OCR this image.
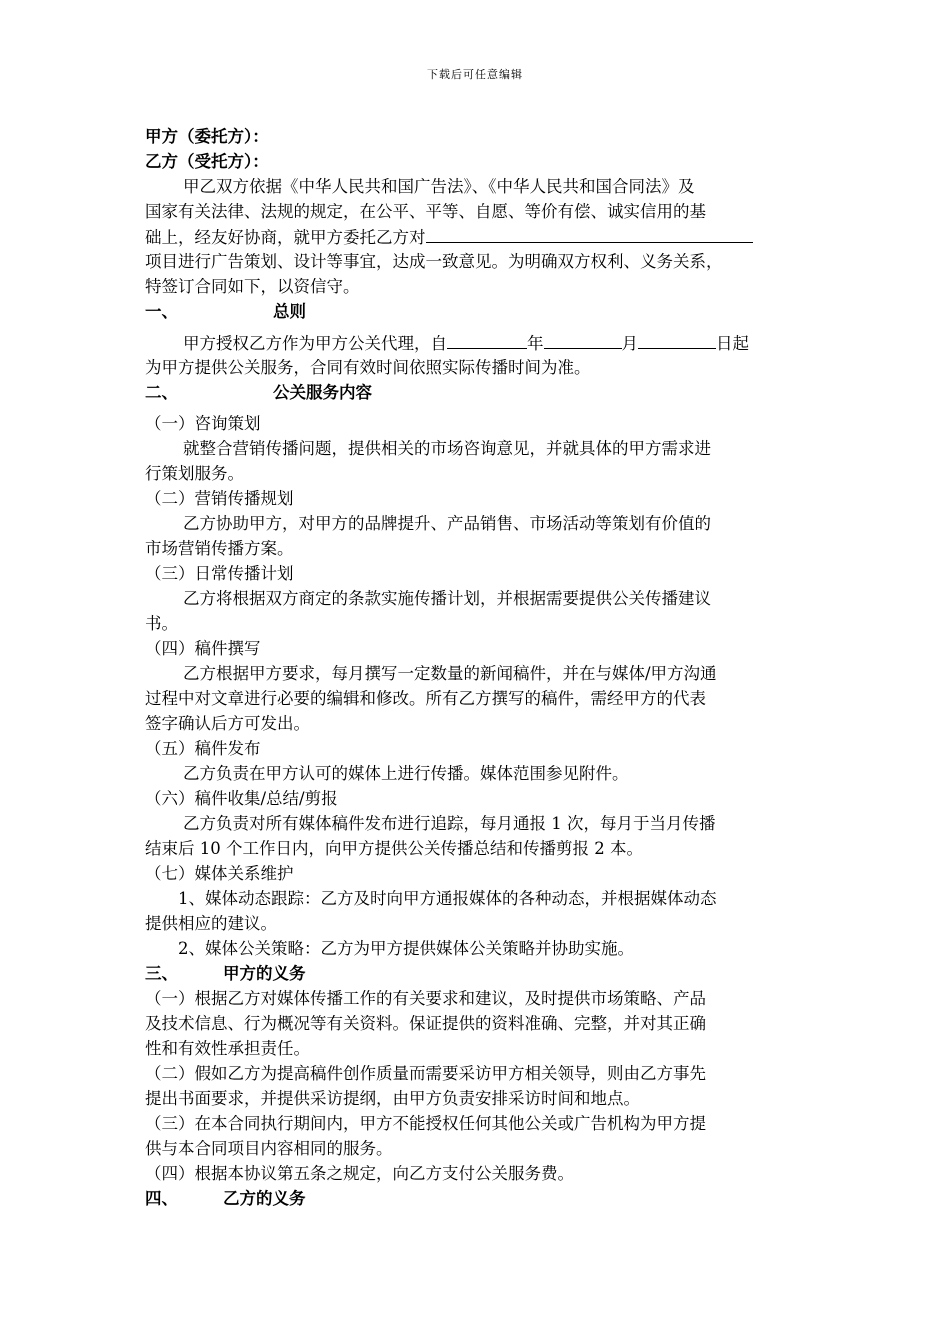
下载后可任意编辑
甲方（委托方）：
乙方（受托方）：
甲乙双方依据《中华人民共和国广告法》、《中华人民共和国合同法》及
国家有关法律、法规的规定，在公平、平等、自愿、等价有偿、诚实信用的基
础上，经友好协商，就甲方委托乙方对
项目进行广告策划、设计等事宜，达成一致意见。为明确双方权利、义务关系，
特签订合同如下，以资信守。
一、	总则
甲方授权乙方作为甲方公关代理，自	年	月	日起
为甲方提供公关服务，合同有效时间依照实际传播时间为准。
二、	公关服务内容
（一）咨询策划
就整合营销传播问题，提供相关的市场咨询意见，并就具体的甲方需求进
行策划服务。
（二）营销传播规划
乙方协助甲方，对甲方的品牌提升、产品销售、市场活动等策划有价值的
市场营销传播方案。
（三）日常传播计划
乙方将根据双方商定的条款实施传播计划，并根据需要提供公关传播建议
书。
（四）稿件撰写
乙方根据甲方要求，每月撰写一定数量的新闻稿件，并在与媒体/甲方沟通
过程中对文章进行必要的编辑和修改。所有乙方撰写的稿件，需经甲方的代表
签字确认后方可发出。
（五）稿件发布
乙方负责在甲方认可的媒体上进行传播。媒体范围参见附件。
（六）稿件收集/总结/剪报
乙方负责对所有媒体稿件发布进行追踪，每月通报 1 次，每月于当月传播
结束后 10 个工作日内，向甲方提供公关传播总结和传播剪报 2 本。
（七）媒体关系维护
1、媒体动态跟踪：乙方及时向甲方通报媒体的各种动态，并根据媒体动态
提供相应的建议。
2、媒体公关策略：乙方为甲方提供媒体公关策略并协助实施。
三、	甲方的义务
（一）根据乙方对媒体传播工作的有关要求和建议，及时提供市场策略、产品
及技术信息、行为概况等有关资料。保证提供的资料准确、完整，并对其正确
性和有效性承担责任。
（二）假如乙方为提高稿件创作质量而需要采访甲方相关领导，则由乙方事先
提出书面要求，并提供采访提纲，由甲方负责安排采访时间和地点。
（三）在本合同执行期间内，甲方不能授权任何其他公关或广告机构为甲方提
供与本合同项目内容相同的服务。
（四）根据本协议第五条之规定，向乙方支付公关服务费。
四、	乙方的义务
